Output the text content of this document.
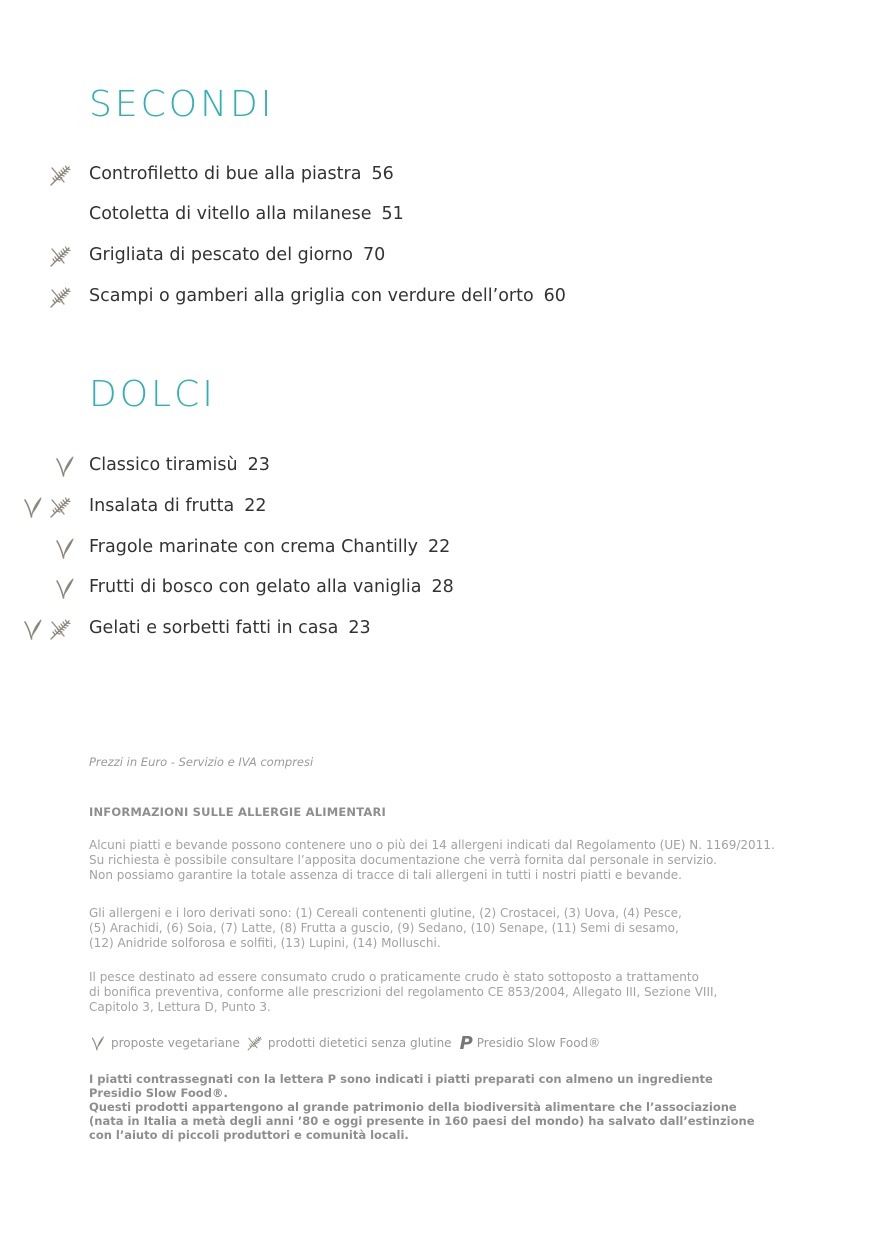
SECONDI
Controfiletto di bue alla piastra 56
Cotoletta di vitello alla milanese 51
Grigliata di pescato del giorno 70
Scampi o gamberi alla griglia con verdure dell’orto 60
DOLCI
Classico tiramisù 23
Insalata di frutta 22
Fragole marinate con crema Chantilly 22
Frutti di bosco con gelato alla vaniglia 28
Gelati e sorbetti fatti in casa 23
Prezzi in Euro - Servizio e IVA compresi
INFORMAZIONI SULLE ALLERGIE ALIMENTARI

Alcuni piatti e bevande possono contenere uno o più dei 14 allergeni indicati dal Regolamento (UE) N. 1169/2011.

Su richiesta è possibile consultare l’apposita documentazione che verrà fornita dal personale in servizio.

Non possiamo garantire la totale assenza di tracce di tali allergeni in tutti i nostri piatti e bevande.

Gli allergeni e i loro derivati sono: (1) Cereali contenenti glutine, (2) Crostacei, (3) Uova, (4) Pesce,

(5) Arachidi, (6) Soia, (7) Latte, (8) Frutta a guscio, (9) Sedano, (10) Senape, (11) Semi di sesamo,

(12) Anidride solforosa e solfiti, (13) Lupini, (14) Molluschi.

Il pesce destinato ad essere consumato crudo o praticamente crudo è stato sottoposto a trattamento

di bonifica preventiva, conforme alle prescrizioni del regolamento CE 853/2004, Allegato III, Sezione VIII,

Capitolo 3, Lettura D, Punto 3.

proposte vegetariane prodotti dietetici senza glutine P Presidio Slow Food®

I piatti contrassegnati con la lettera P sono indicati i piatti preparati con almeno un ingrediente

Presidio Slow Food®.

Questi prodotti appartengono al grande patrimonio della biodiversità alimentare che l’associazione

(nata in Italia a metà degli anni ’80 e oggi presente in 160 paesi del mondo) ha salvato dall’estinzione

con l’aiuto di piccoli produttori e comunità locali.
